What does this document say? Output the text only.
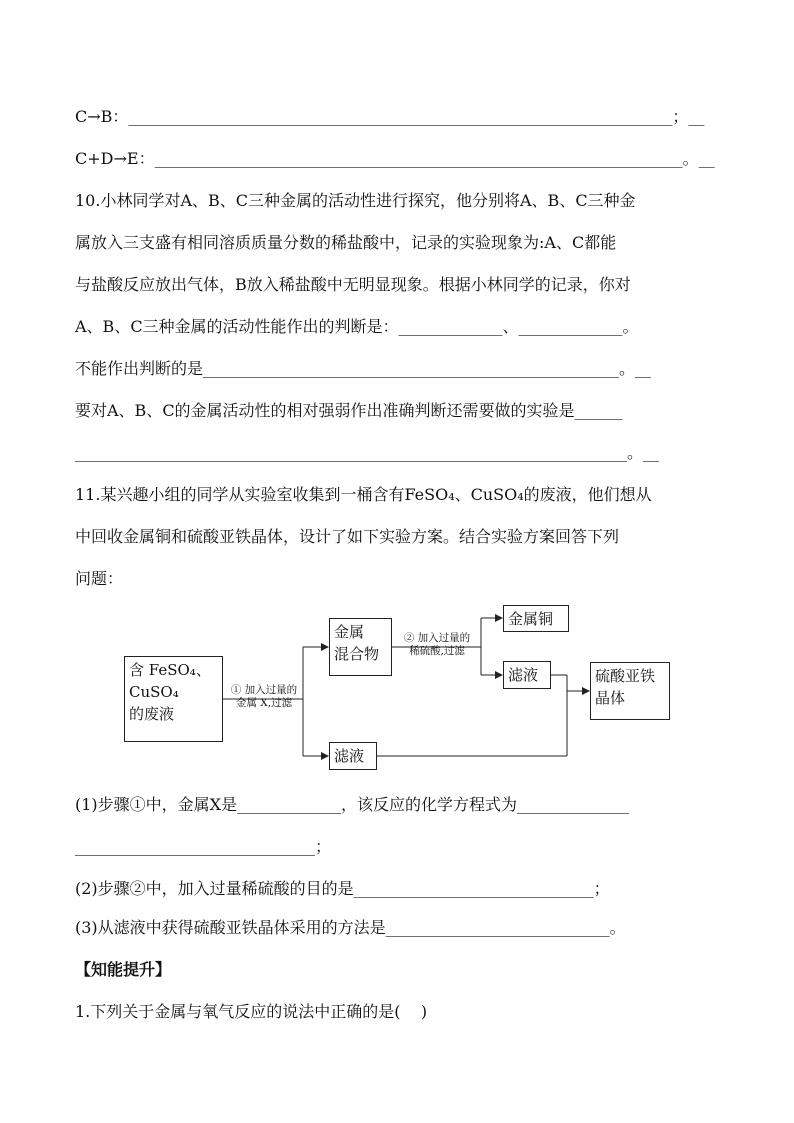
C→B：____________________________________________________________________；__
C+D→E：__________________________________________________________________。__
10.小林同学对A、B、C三种金属的活动性进行探究，他分别将A、B、C三种金
属放入三支盛有相同溶质质量分数的稀盐酸中，记录的实验现象为:A、C都能
与盐酸反应放出气体，B放入稀盐酸中无明显现象。根据小林同学的记录，你对
A、B、C三种金属的活动性能作出的判断是：_____________、_____________。
不能作出判断的是____________________________________________________。__
要对A、B、C的金属活动性的相对强弱作出准确判断还需要做的实验是______
_____________________________________________________________________。__
11.某兴趣小组的同学从实验室收集到一桶含有FeSO₄、CuSO₄的废液，他们想从
中回收金属铜和硫酸亚铁晶体，设计了如下实验方案。结合实验方案回答下列
问题：
含 FeSO₄、
CuSO₄
的废液
① 加入过量的
金属 X,过滤
金属
混合物
② 加入过量的
稀硫酸,过滤
金属铜
滤液	硫酸亚铁
晶体
滤液
(1)步骤①中，金属X是_____________，该反应的化学方程式为______________
______________________________；
(2)步骤②中，加入过量稀硫酸的目的是______________________________；
(3)从滤液中获得硫酸亚铁晶体采用的方法是____________________________。
【知能提升】
1.下列关于金属与氧气反应的说法中正确的是(    )
